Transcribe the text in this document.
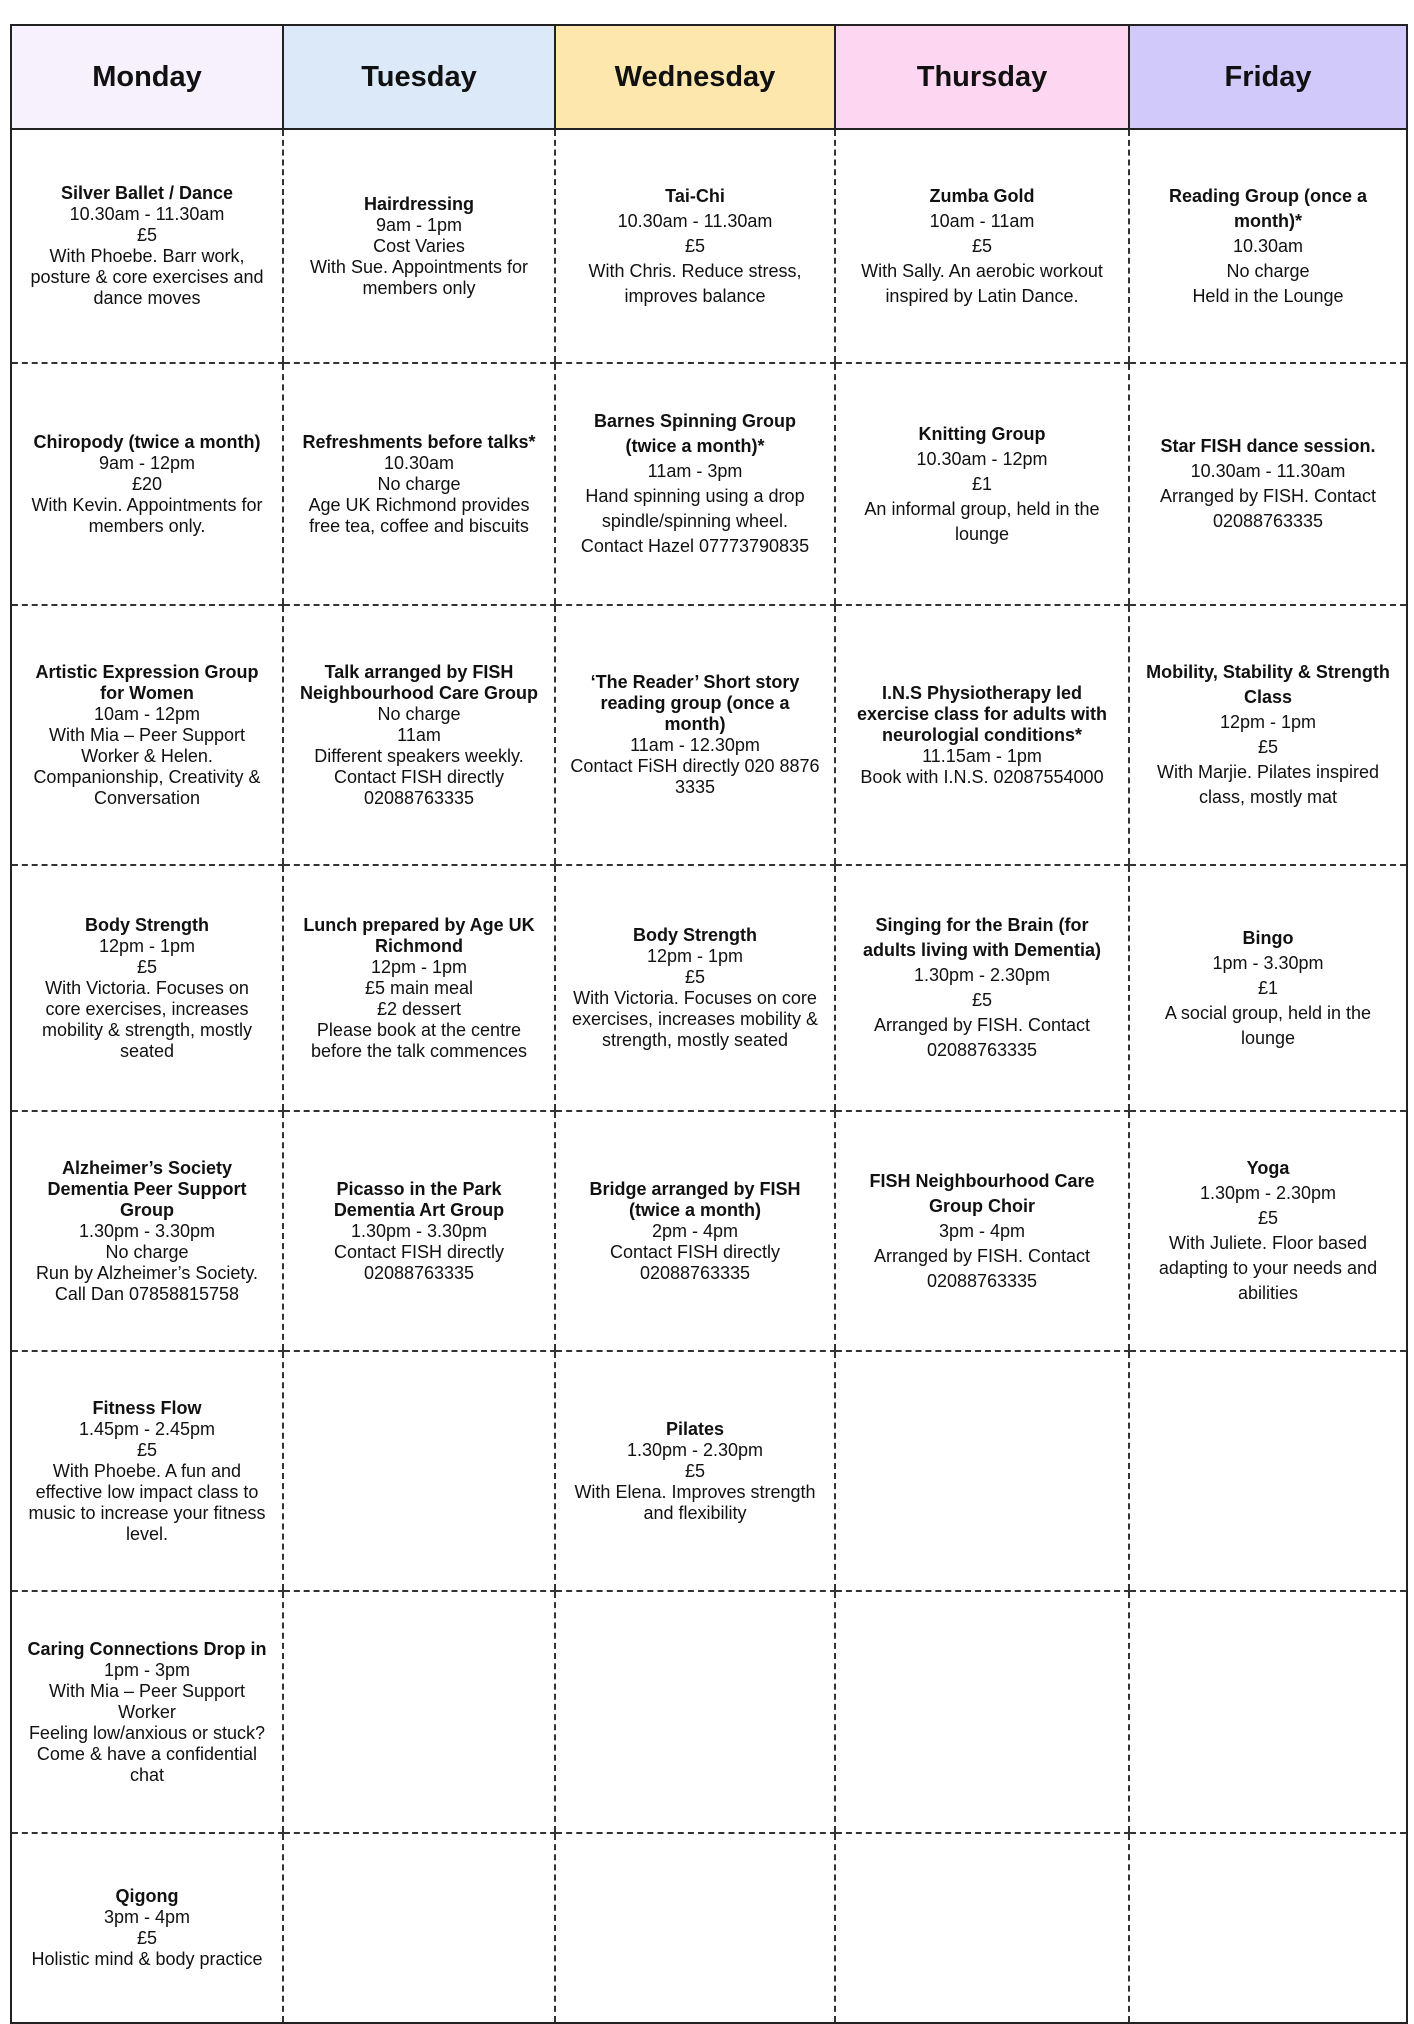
Monday	Tuesday	Wednesday	Thursday	Friday

Silver Ballet / Dance
10.30am - 11.30am
£5
With Phoebe. Barr work, posture & core exercises and dance moves	Hairdressing
9am - 1pm
Cost Varies
With Sue. Appointments for members only	Tai-Chi
10.30am - 11.30am
£5
With Chris. Reduce stress, improves balance	Zumba Gold
10am - 11am
£5
With Sally. An aerobic workout inspired by Latin Dance.	Reading Group (once a month)*
10.30am
No charge
Held in the Lounge

Chiropody (twice a month)
9am - 12pm
£20
With Kevin. Appointments for members only.	Refreshments before talks*
10.30am
No charge
Age UK Richmond provides free tea, coffee and biscuits	Barnes Spinning Group (twice a month)*
11am - 3pm
Hand spinning using a drop spindle/spinning wheel. Contact Hazel 07773790835	Knitting Group
10.30am - 12pm
£1
An informal group, held in the lounge	Star FISH dance session.
10.30am - 11.30am
Arranged by FISH. Contact 02088763335

Artistic Expression Group for Women
10am - 12pm
With Mia – Peer Support Worker & Helen. Companionship, Creativity & Conversation	Talk arranged by FISH Neighbourhood Care Group
No charge
11am
Different speakers weekly. Contact FISH directly 02088763335	‘The Reader’ Short story reading group (once a month)
11am - 12.30pm
Contact FiSH directly 020 8876 3335	I.N.S Physiotherapy led exercise class for adults with neurologial conditions*
11.15am - 1pm
Book with I.N.S. 02087554000	Mobility, Stability & Strength Class
12pm - 1pm
£5
With Marjie. Pilates inspired class, mostly mat

Body Strength
12pm - 1pm
£5
With Victoria. Focuses on core exercises, increases mobility & strength, mostly seated	Lunch prepared by Age UK Richmond
12pm - 1pm
£5 main meal
£2 dessert
Please book at the centre before the talk commences	Body Strength
12pm - 1pm
£5
With Victoria. Focuses on core exercises, increases mobility & strength, mostly seated	Singing for the Brain (for adults living with Dementia)
1.30pm - 2.30pm
£5
Arranged by FISH. Contact 02088763335	Bingo
1pm - 3.30pm
£1
A social group, held in the lounge

Alzheimer’s Society Dementia Peer Support Group
1.30pm - 3.30pm
No charge
Run by Alzheimer’s Society. Call Dan 07858815758	Picasso in the Park Dementia Art Group
1.30pm - 3.30pm
Contact FISH directly 02088763335	Bridge arranged by FISH (twice a month)
2pm - 4pm
Contact FISH directly 02088763335	FISH Neighbourhood Care Group Choir
3pm - 4pm
Arranged by FISH. Contact 02088763335	Yoga
1.30pm - 2.30pm
£5
With Juliete. Floor based adapting to your needs and abilities

Fitness Flow
1.45pm - 2.45pm
£5
With Phoebe. A fun and effective low impact class to music to increase your fitness level.		Pilates
1.30pm - 2.30pm
£5
With Elena. Improves strength and flexibility		

Caring Connections Drop in
1pm - 3pm
With Mia – Peer Support Worker
Feeling low/anxious or stuck? Come & have a confidential chat				

Qigong
3pm - 4pm
£5
Holistic mind & body practice				
